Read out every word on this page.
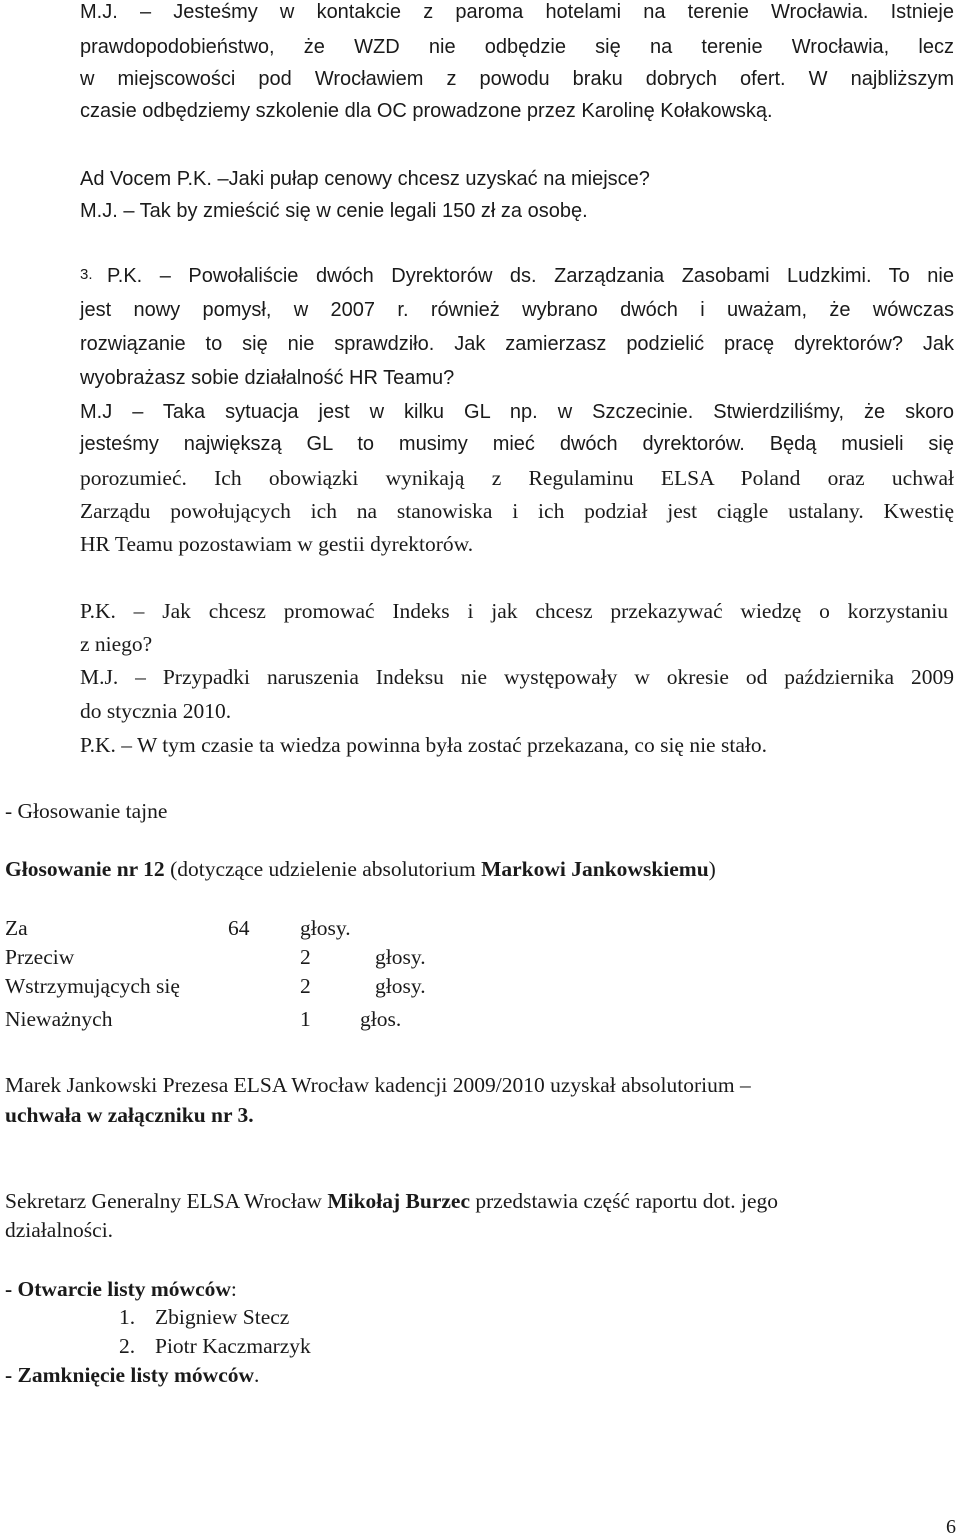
M.J. – Jesteśmy w kontakcie z paroma hotelami na terenie Wrocławia. Istnieje
prawdopodobieństwo, że WZD nie odbędzie się na terenie Wrocławia, lecz
w miejscowości pod Wrocławiem z powodu braku dobrych ofert. W najbliższym
czasie odbędziemy szkolenie dla OC prowadzone przez Karolinę Kołakowską.
Ad Vocem P.K. –Jaki pułap cenowy chcesz uzyskać na miejsce?
M.J. – Tak by zmieścić się w cenie legali 150 zł za osobę.
3. P.K. – Powołaliście dwóch Dyrektorów ds. Zarządzania Zasobami Ludzkimi. To nie
jest nowy pomysł, w 2007 r. również wybrano dwóch i uważam, że wówczas
rozwiązanie to się nie sprawdziło. Jak zamierzasz podzielić pracę dyrektorów? Jak
wyobrażasz sobie działalność HR Teamu?
M.J – Taka sytuacja jest w kilku GL np. w Szczecinie. Stwierdziliśmy, że skoro
jesteśmy największą GL to musimy mieć dwóch dyrektorów. Będą musieli się
porozumieć. Ich obowiązki wynikają z Regulaminu ELSA Poland oraz uchwał
Zarządu powołujących ich na stanowiska i ich podział jest ciągle ustalany. Kwestię
HR Teamu pozostawiam w gestii dyrektorów.
P.K. – Jak chcesz promować Indeks i jak chcesz przekazywać wiedzę o korzystaniu
z niego?
M.J. – Przypadki naruszenia Indeksu nie występowały w okresie od października 2009
do stycznia 2010.
P.K. – W tym czasie ta wiedza powinna była zostać przekazana, co się nie stało.
- Głosowanie tajne
Głosowanie nr 12 (dotyczące udzielenie absolutorium Markowi Jankowskiemu)
Za	64 głosy.
Przeciw	2	głosy.
Wstrzymujących się	2	głosy.
Nieważnych	1 głos.
Marek Jankowski Prezesa ELSA Wrocław kadencji 2009/2010 uzyskał absolutorium –
uchwała w załączniku nr 3.
Sekretarz Generalny ELSA Wrocław Mikołaj Burzec przedstawia część raportu dot. jego
działalności.
- Otwarcie listy mówców:
1. Zbigniew Stecz
2. Piotr Kaczmarzyk
- Zamknięcie listy mówców.
6
